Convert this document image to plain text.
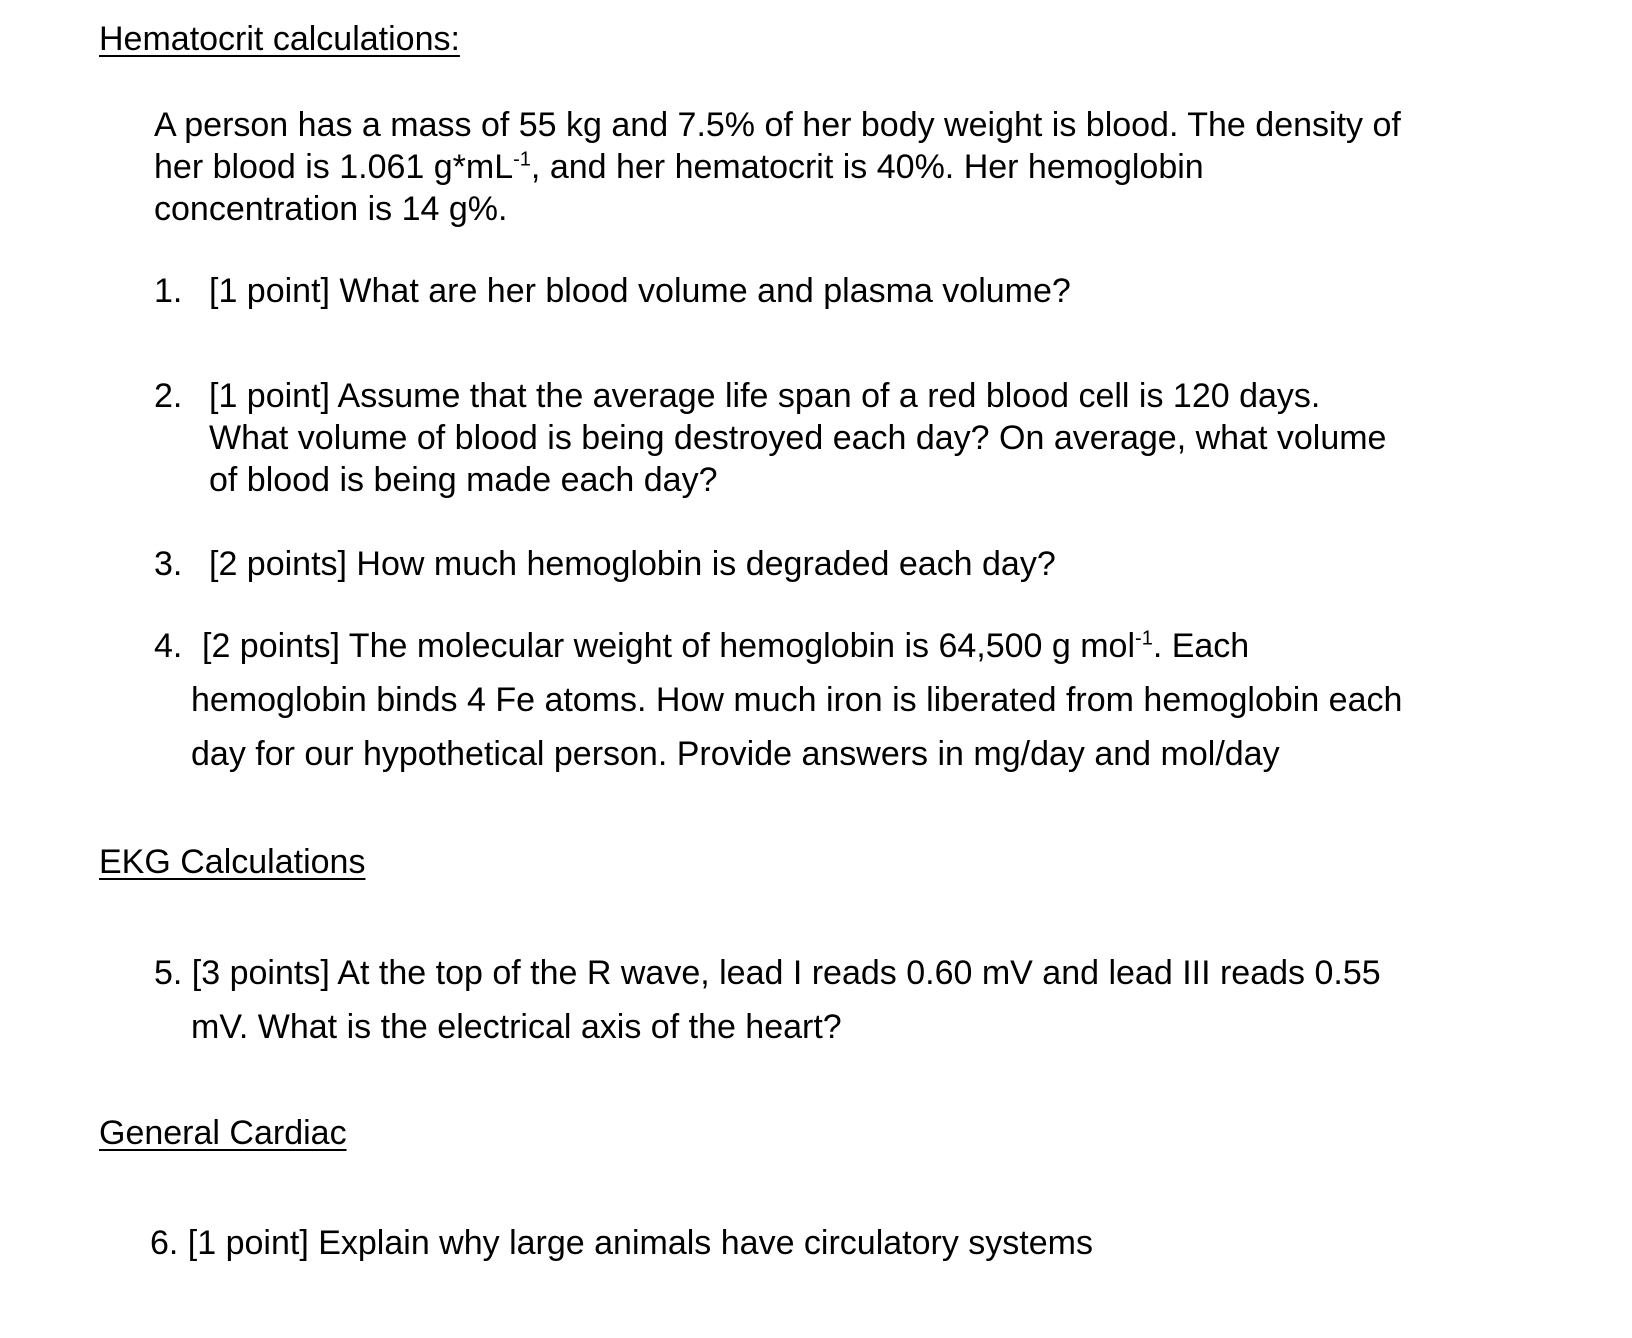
Hematocrit calculations:
A person has a mass of 55 kg and 7.5% of her body weight is blood. The density of
her blood is 1.061 $g*mL^{-1}$, and her hematocrit is 40%. Her hemoglobin
concentration is 14 g%.
1. [1 point] What are her blood volume and plasma volume?
2. [1 point] Assume that the average life span of a red blood cell is 120 days.
What volume of blood is being destroyed each day? On average, what volume
of blood is being made each day?
3. [2 points] How much hemoglobin is degraded each day?
4. [2 points] The molecular weight of hemoglobin is 64,500 g mol$^{-1}$. Each
hemoglobin binds 4 Fe atoms. How much iron is liberated from hemoglobin each
day for our hypothetical person. Provide answers in mg/day and mol/day
EKG Calculations
5. [3 points] At the top of the R wave, lead I reads 0.60 mV and lead III reads 0.55
mV. What is the electrical axis of the heart?
General Cardiac
6. [1 point] Explain why large animals have circulatory systems
